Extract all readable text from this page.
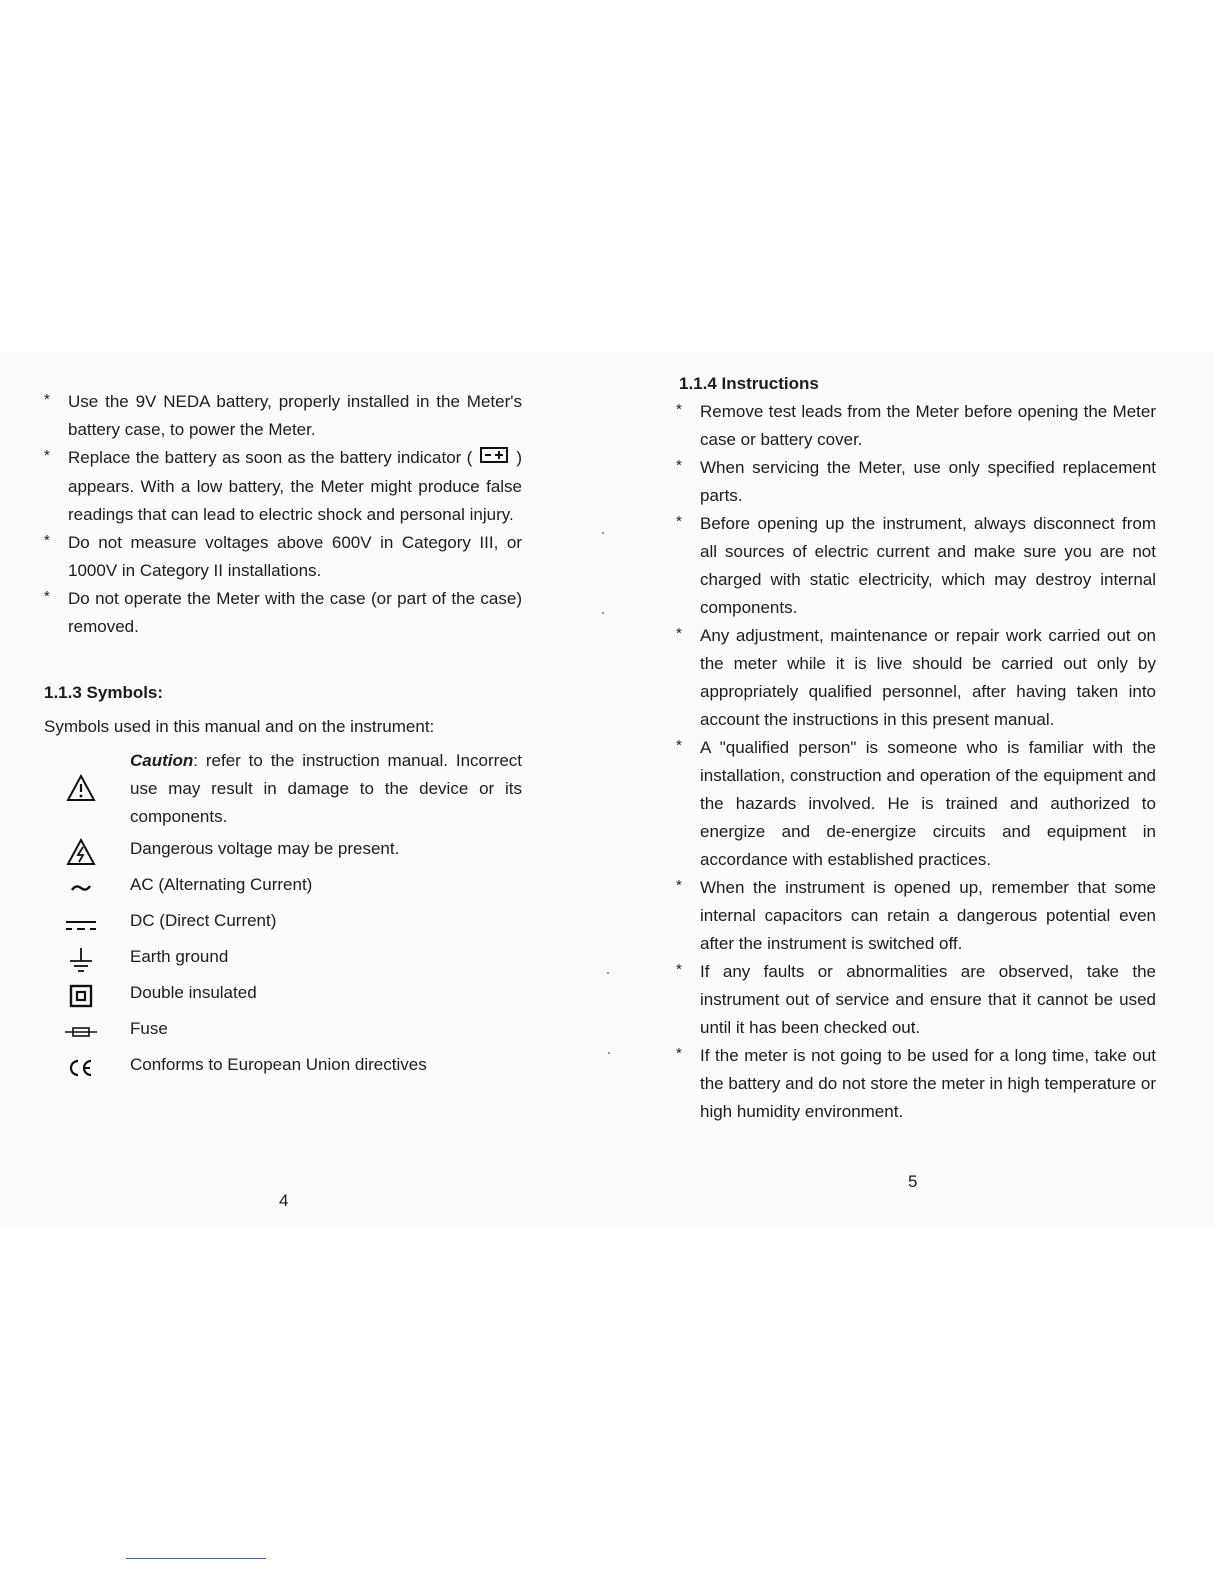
* Use the 9V NEDA battery, properly installed in the Meter's battery case, to power the Meter.

* Replace the battery as soon as the battery indicator (	) appears. With a low battery, the Meter might produce false readings that can lead to electric shock and personal injury.

* Do not measure voltages above 600V in Category III, or 1000V in Category II installations.

* Do not operate the Meter with the case (or part of the case) removed.

1.1.3 Symbols:

Symbols used in this manual and on the instrument:

Caution: refer to the instruction manual. Incorrect use may result in damage to the device or its components.
Dangerous voltage may be present.
AC (Alternating Current)
DC (Direct Current)
Earth ground
Double insulated
Fuse
Conforms to European Union directives
4

1.1.4 Instructions

* Remove test leads from the Meter before opening the Meter case or battery cover.

* When servicing the Meter, use only specified replacement parts.

* Before opening up the instrument, always disconnect from all sources of electric current and make sure you are not charged with static electricity, which may destroy internal components.

* Any adjustment, maintenance or repair work carried out on the meter while it is live should be carried out only by appropriately qualified personnel, after having taken into account the instructions in this present manual.

* A "qualified person" is someone who is familiar with the installation, construction and operation of the equipment and the hazards involved. He is trained and authorized to energize and de-energize circuits and equipment in accordance with established practices.

* When the instrument is opened up, remember that some internal capacitors can retain a dangerous potential even after the instrument is switched off.

* If any faults or abnormalities are observed, take the instrument out of service and ensure that it cannot be used until it has been checked out.

* If the meter is not going to be used for a long time, take out the battery and do not store the meter in high temperature or high humidity environment.

5
